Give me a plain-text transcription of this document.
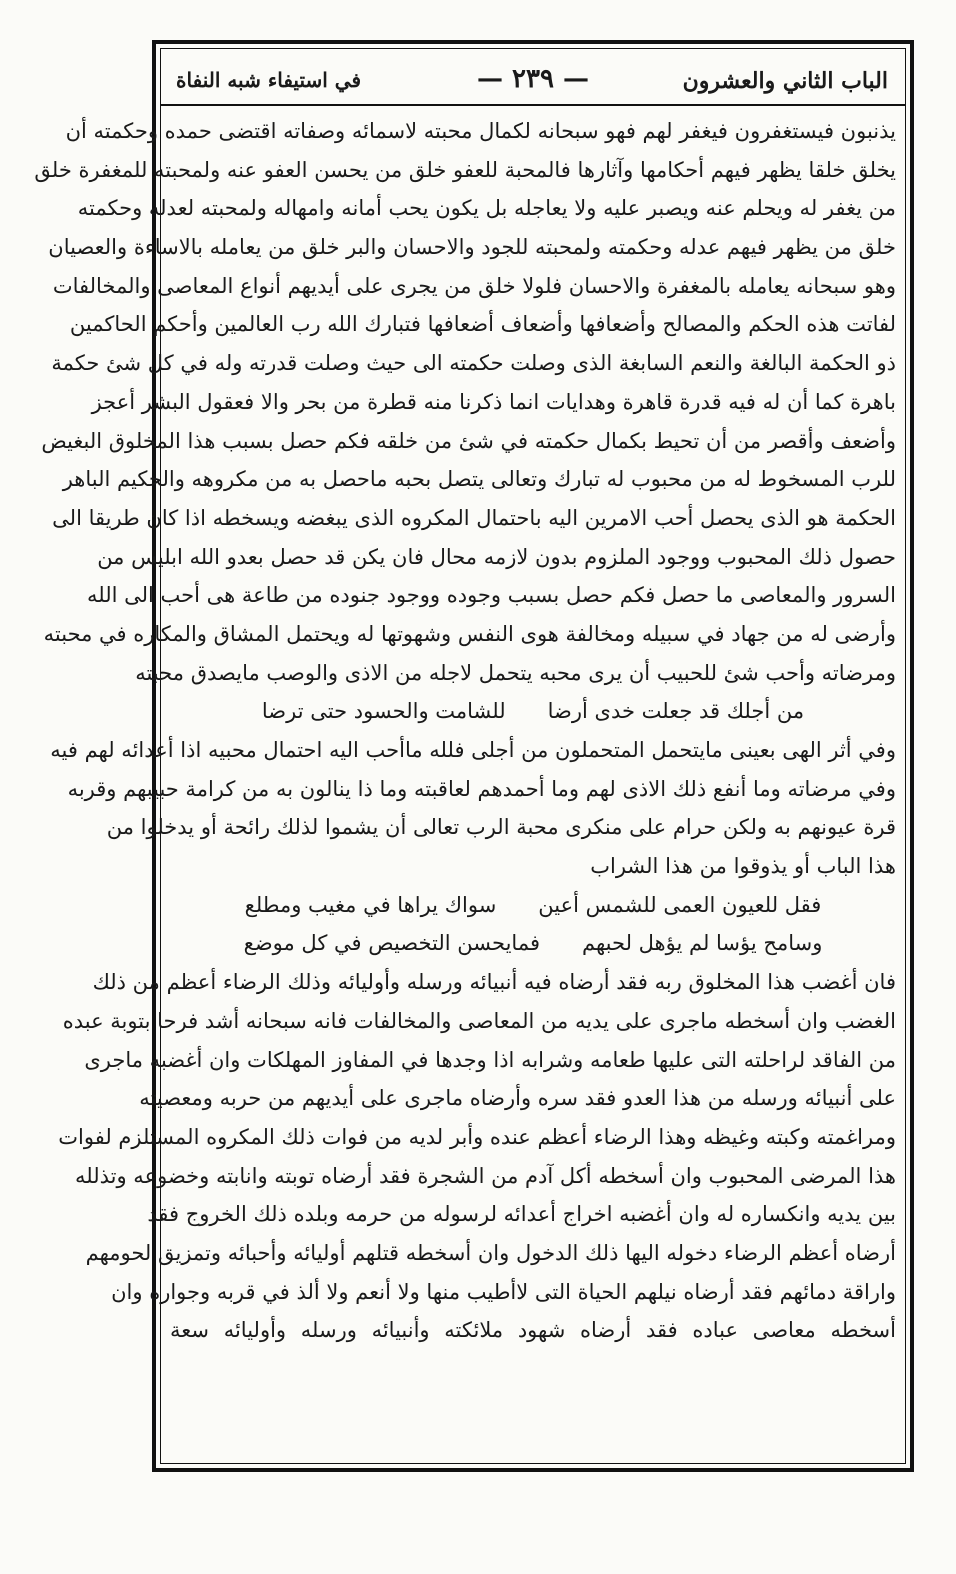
الباب الثاني والعشرون
— ٢٣٩ —
في استيفاء شبه النفاة
يذنبون فيستغفرون فيغفر لهم فهو سبحانه لكمال محبته لاسمائه وصفاته اقتضى حمده وحكمته أن
يخلق خلقا يظهر فيهم أحكامها وآثارها فالمحبة للعفو خلق من يحسن العفو عنه ولمحبته للمغفرة خلق
من يغفر له ويحلم عنه ويصبر عليه ولا يعاجله بل يكون يحب أمانه وامهاله ولمحبته لعدله وحكمته
خلق من يظهر فيهم عدله وحكمته ولمحبته للجود والاحسان والبر خلق من يعامله بالاساءة والعصيان
وهو سبحانه يعامله بالمغفرة والاحسان فلولا خلق من يجرى على أيديهم أنواع المعاصى والمخالفات
لفاتت هذه الحكم والمصالح وأضعافها وأضعاف أضعافها فتبارك الله رب العالمين وأحكم الحاكمين
ذو الحكمة البالغة والنعم السابغة الذى وصلت حكمته الى حيث وصلت قدرته وله في كل شئ حكمة
باهرة كما أن له فيه قدرة قاهرة وهدايات انما ذكرنا منه قطرة من بحر والا فعقول البشر أعجز
وأضعف وأقصر من أن تحيط بكمال حكمته في شئ من خلقه فكم حصل بسبب هذا المخلوق البغيض
للرب المسخوط له من محبوب له تبارك وتعالى يتصل بحبه ماحصل به من مكروهه والحكيم الباهر
الحكمة هو الذى يحصل أحب الامرين اليه باحتمال المكروه الذى يبغضه ويسخطه اذا كان طريقا الى
حصول ذلك المحبوب ووجود الملزوم بدون لازمه محال فان يكن قد حصل بعدو الله ابليس من
السرور والمعاصى ما حصل فكم حصل بسبب وجوده ووجود جنوده من طاعة هى أحب الى الله
وأرضى له من جهاد في سبيله ومخالفة هوى النفس وشهوتها له ويحتمل المشاق والمكاره في محبته
ومرضاته وأحب شئ للحبيب أن يرى محبه يتحمل لاجله من الاذى والوصب مايصدق محبته
من أجلك قد جعلت خدى أرضا
للشامت والحسود حتى ترضا
وفي أثر الهى بعينى مايتحمل المتحملون من أجلى فلله ماأحب اليه احتمال محبيه اذا أعدائه لهم فيه
وفي مرضاته وما أنفع ذلك الاذى لهم وما أحمدهم لعاقبته وما ذا ينالون به من كرامة حبيبهم وقربه
قرة عيونهم به ولكن حرام على منكرى محبة الرب تعالى أن يشموا لذلك رائحة أو يدخلوا من
هذا الباب أو يذوقوا من هذا الشراب
فقل للعيون العمى للشمس أعين
سواك يراها في مغيب ومطلع
وسامح يؤسا لم يؤهل لحبهم
فمايحسن التخصيص في كل موضع
فان أغضب هذا المخلوق ربه فقد أرضاه فيه أنبيائه ورسله وأوليائه وذلك الرضاء أعظم من ذلك
الغضب وان أسخطه ماجرى على يديه من المعاصى والمخالفات فانه سبحانه أشد فرحا بتوبة عبده
من الفاقد لراحلته التى عليها طعامه وشرابه اذا وجدها في المفاوز المهلكات وان أغضبه ماجرى
على أنبيائه ورسله من هذا العدو فقد سره وأرضاه ماجرى على أيديهم من حربه ومعصيته
ومراغمته وكبته وغيظه وهذا الرضاء أعظم عنده وأبر لديه من فوات ذلك المكروه المستلزم لفوات
هذا المرضى المحبوب وان أسخطه أكل آدم من الشجرة فقد أرضاه توبته وانابته وخضوعه وتذلله
بين يديه وانكساره له وان أغضبه اخراج أعدائه لرسوله من حرمه وبلده ذلك الخروج فقد
أرضاه أعظم الرضاء دخوله اليها ذلك الدخول وان أسخطه قتلهم أوليائه وأحبائه وتمزيق لحومهم
واراقة دمائهم فقد أرضاه نيلهم الحياة التى لاأطيب منها ولا أنعم ولا ألذ في قربه وجواره وان
أسخطه معاصى عباده فقد أرضاه شهود ملائكته وأنبيائه ورسله وأوليائه سعة
